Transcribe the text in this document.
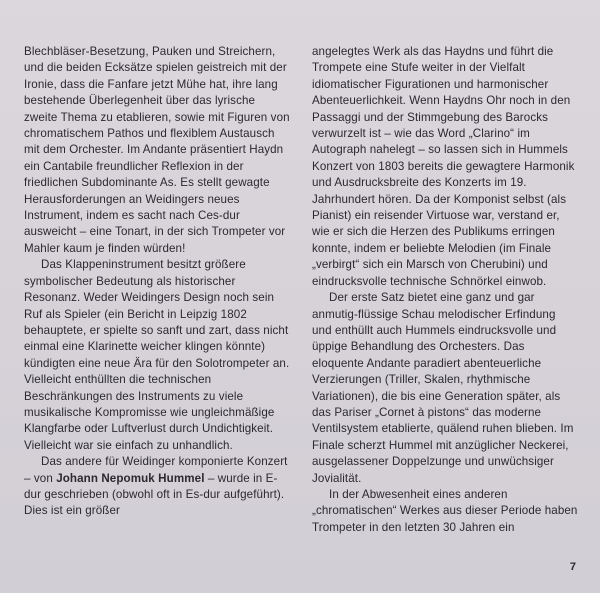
Blechbläser-Besetzung, Pauken und Streichern, und die beiden Ecksätze spielen geistreich mit der Ironie, dass die Fanfare jetzt Mühe hat, ihre lang bestehende Überlegenheit über das lyrische zweite Thema zu etablieren, sowie mit Figuren von chromatischem Pathos und flexiblem Austausch mit dem Orchester. Im Andante präsentiert Haydn ein Cantabile freundlicher Reflexion in der friedlichen Subdominante As. Es stellt gewagte Herausforderungen an Weidingers neues Instrument, indem es sacht nach Ces-dur ausweicht – eine Tonart, in der sich Trompeter vor Mahler kaum je finden würden!

Das Klappeninstrument besitzt größere symbolischer Bedeutung als historischer Resonanz. Weder Weidingers Design noch sein Ruf als Spieler (ein Bericht in Leipzig 1802 behauptete, er spielte so sanft und zart, dass nicht einmal eine Klarinette weicher klingen könnte) kündigten eine neue Ära für den Solotrompeter an. Vielleicht enthüllten die technischen Beschränkungen des Instruments zu viele musikalische Kompromisse wie ungleichmäßige Klangfarbe oder Luftverlust durch Undichtigkeit. Vielleicht war sie einfach zu unhandlich.

Das andere für Weidinger komponierte Konzert – von Johann Nepomuk Hummel – wurde in E-dur geschrieben (obwohl oft in Es-dur aufgeführt). Dies ist ein größer

angelegtes Werk als das Haydns und führt die Trompete eine Stufe weiter in der Vielfalt idiomatischer Figurationen und harmonischer Abenteuerlichkeit. Wenn Haydns Ohr noch in den Passaggi und der Stimmgebung des Barocks verwurzelt ist – wie das Word „Clarino“ im Autograph nahelegt – so lassen sich in Hummels Konzert von 1803 bereits die gewagtere Harmonik und Ausdrucksbreite des Konzerts im 19. Jahrhundert hören. Da der Komponist selbst (als Pianist) ein reisender Virtuose war, verstand er, wie er sich die Herzen des Publikums erringen konnte, indem er beliebte Melodien (im Finale „verbirgt“ sich ein Marsch von Cherubini) und eindrucksvolle technische Schnörkel einwob.

Der erste Satz bietet eine ganz und gar anmutig-flüssige Schau melodischer Erfindung und enthüllt auch Hummels eindrucksvolle und üppige Behandlung des Orchesters. Das eloquente Andante paradiert abenteuerliche Verzierungen (Triller, Skalen, rhythmische Variationen), die bis eine Generation später, als das Pariser „Cornet à pistons“ das moderne Ventilsystem etablierte, quälend ruhen blieben. Im Finale scherzt Hummel mit anzüglicher Neckerei, ausgelassener Doppelzunge und unwüchsiger Jovialität.

In der Abwesenheit eines anderen „chromatischen“ Werkes aus dieser Periode haben Trompeter in den letzten 30 Jahren ein

7
